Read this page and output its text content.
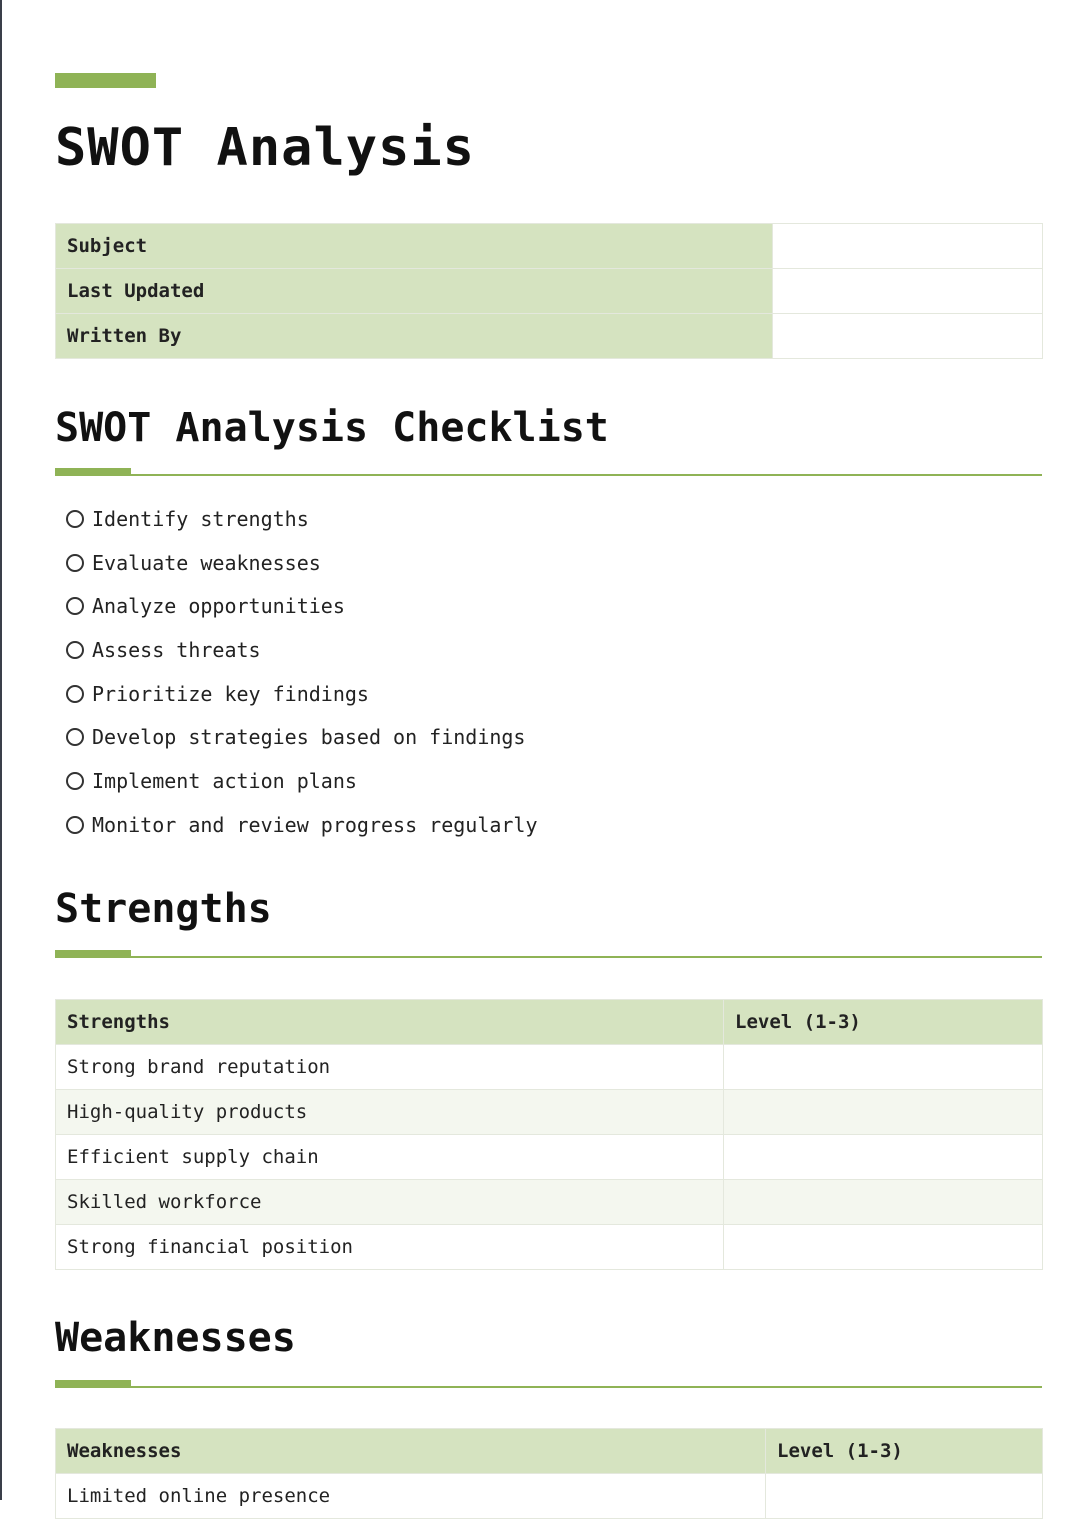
SWOT Analysis
Subject	
Last Updated	
Written By	
SWOT Analysis Checklist
Identify strengths
Evaluate weaknesses
Analyze opportunities
Assess threats
Prioritize key findings
Develop strategies based on findings
Implement action plans
Monitor and review progress regularly
Strengths
Strengths	Level (1-3)
Strong brand reputation	
High-quality products	
Efficient supply chain	
Skilled workforce	
Strong financial position	
Weaknesses
Weaknesses	Level (1-3)
Limited online presence	
